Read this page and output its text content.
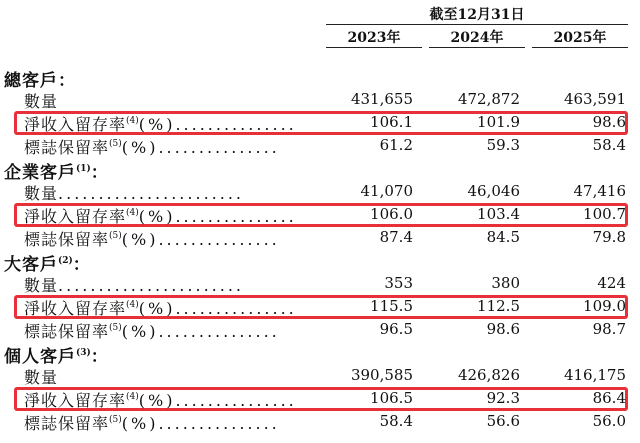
截至12月31日
2023年	2024年	2025年
總客戶：
數量	431,655	472,872	463,591
淨收入留存率$^{(4)}$(%)...............	106.1	101.9	98.6
標誌保留率$^{(5)}$(%)...............	61.2	59.3	58.4
企業客戶$^{(1)}$：
數量.......................	41,070	46,046	47,416
淨收入留存率$^{(4)}$(%)...............	106.0	103.4	100.7
標誌保留率$^{(5)}$(%)...............	87.4	84.5	79.8
大客戶$^{(2)}$：
數量.......................	353	380	424
淨收入留存率$^{(4)}$(%)...............	115.5	112.5	109.0
標誌保留率$^{(5)}$(%)...............	96.5	98.6	98.7
個人客戶$^{(3)}$：
數量	390,585	426,826	416,175
淨收入留存率$^{(4)}$(%)...............	106.5	92.3	86.4
標誌保留率$^{(5)}$(%)...............	58.4	56.6	56.0
